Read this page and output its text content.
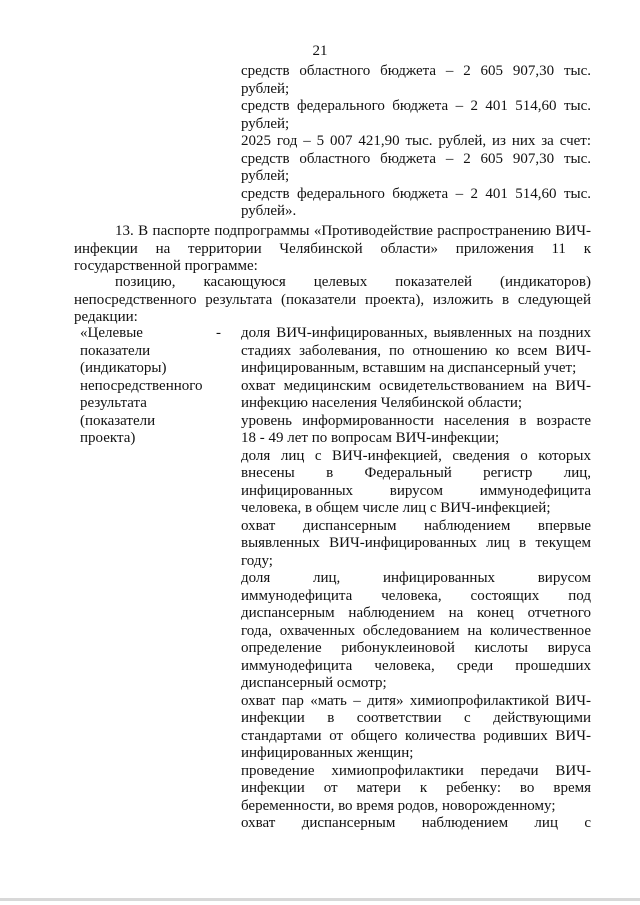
21

средств областного бюджета – 2 605 907,30 тыс.

рублей;

средств федерального бюджета – 2 401 514,60 тыс.

рублей;

2025 год – 5 007 421,90 тыс. рублей, из них за счет:

средств областного бюджета – 2 605 907,30 тыс.

рублей;

средств федерального бюджета – 2 401 514,60 тыс.

рублей».

13. В паспорте подпрограммы «Противодействие распространению ВИЧ-

инфекции на территории Челябинской области» приложения 11 к

государственной программе:

позицию, касающуюся целевых показателей (индикаторов)

непосредственного результата (показатели проекта), изложить в следующей

редакции:

«Целевые

показатели

(индикаторы)

непосредственного

результата

(показатели

проекта)

- доля ВИЧ-инфицированных, выявленных на поздних

стадиях заболевания, по отношению ко всем ВИЧ-

инфицированным, вставшим на диспансерный учет;

охват медицинским освидетельствованием на ВИЧ-

инфекцию населения Челябинской области;

уровень информированности населения в возрасте

18 - 49 лет по вопросам ВИЧ-инфекции;

доля лиц с ВИЧ-инфекцией, сведения о которых

внесены в Федеральный регистр лиц,

инфицированных вирусом иммунодефицита

человека, в общем числе лиц с ВИЧ-инфекцией;

охват диспансерным наблюдением впервые

выявленных ВИЧ-инфицированных лиц в текущем

году;

доля лиц, инфицированных вирусом

иммунодефицита человека, состоящих под

диспансерным наблюдением на конец отчетного

года, охваченных обследованием на количественное

определение рибонуклеиновой кислоты вируса

иммунодефицита человека, среди прошедших

диспансерный осмотр;

охват пар «мать – дитя» химиопрофилактикой ВИЧ-

инфекции в соответствии с действующими

стандартами от общего количества родивших ВИЧ-

инфицированных женщин;

проведение химиопрофилактики передачи ВИЧ-

инфекции от матери к ребенку: во время

беременности, во время родов, новорожденному;

охват диспансерным наблюдением лиц с
